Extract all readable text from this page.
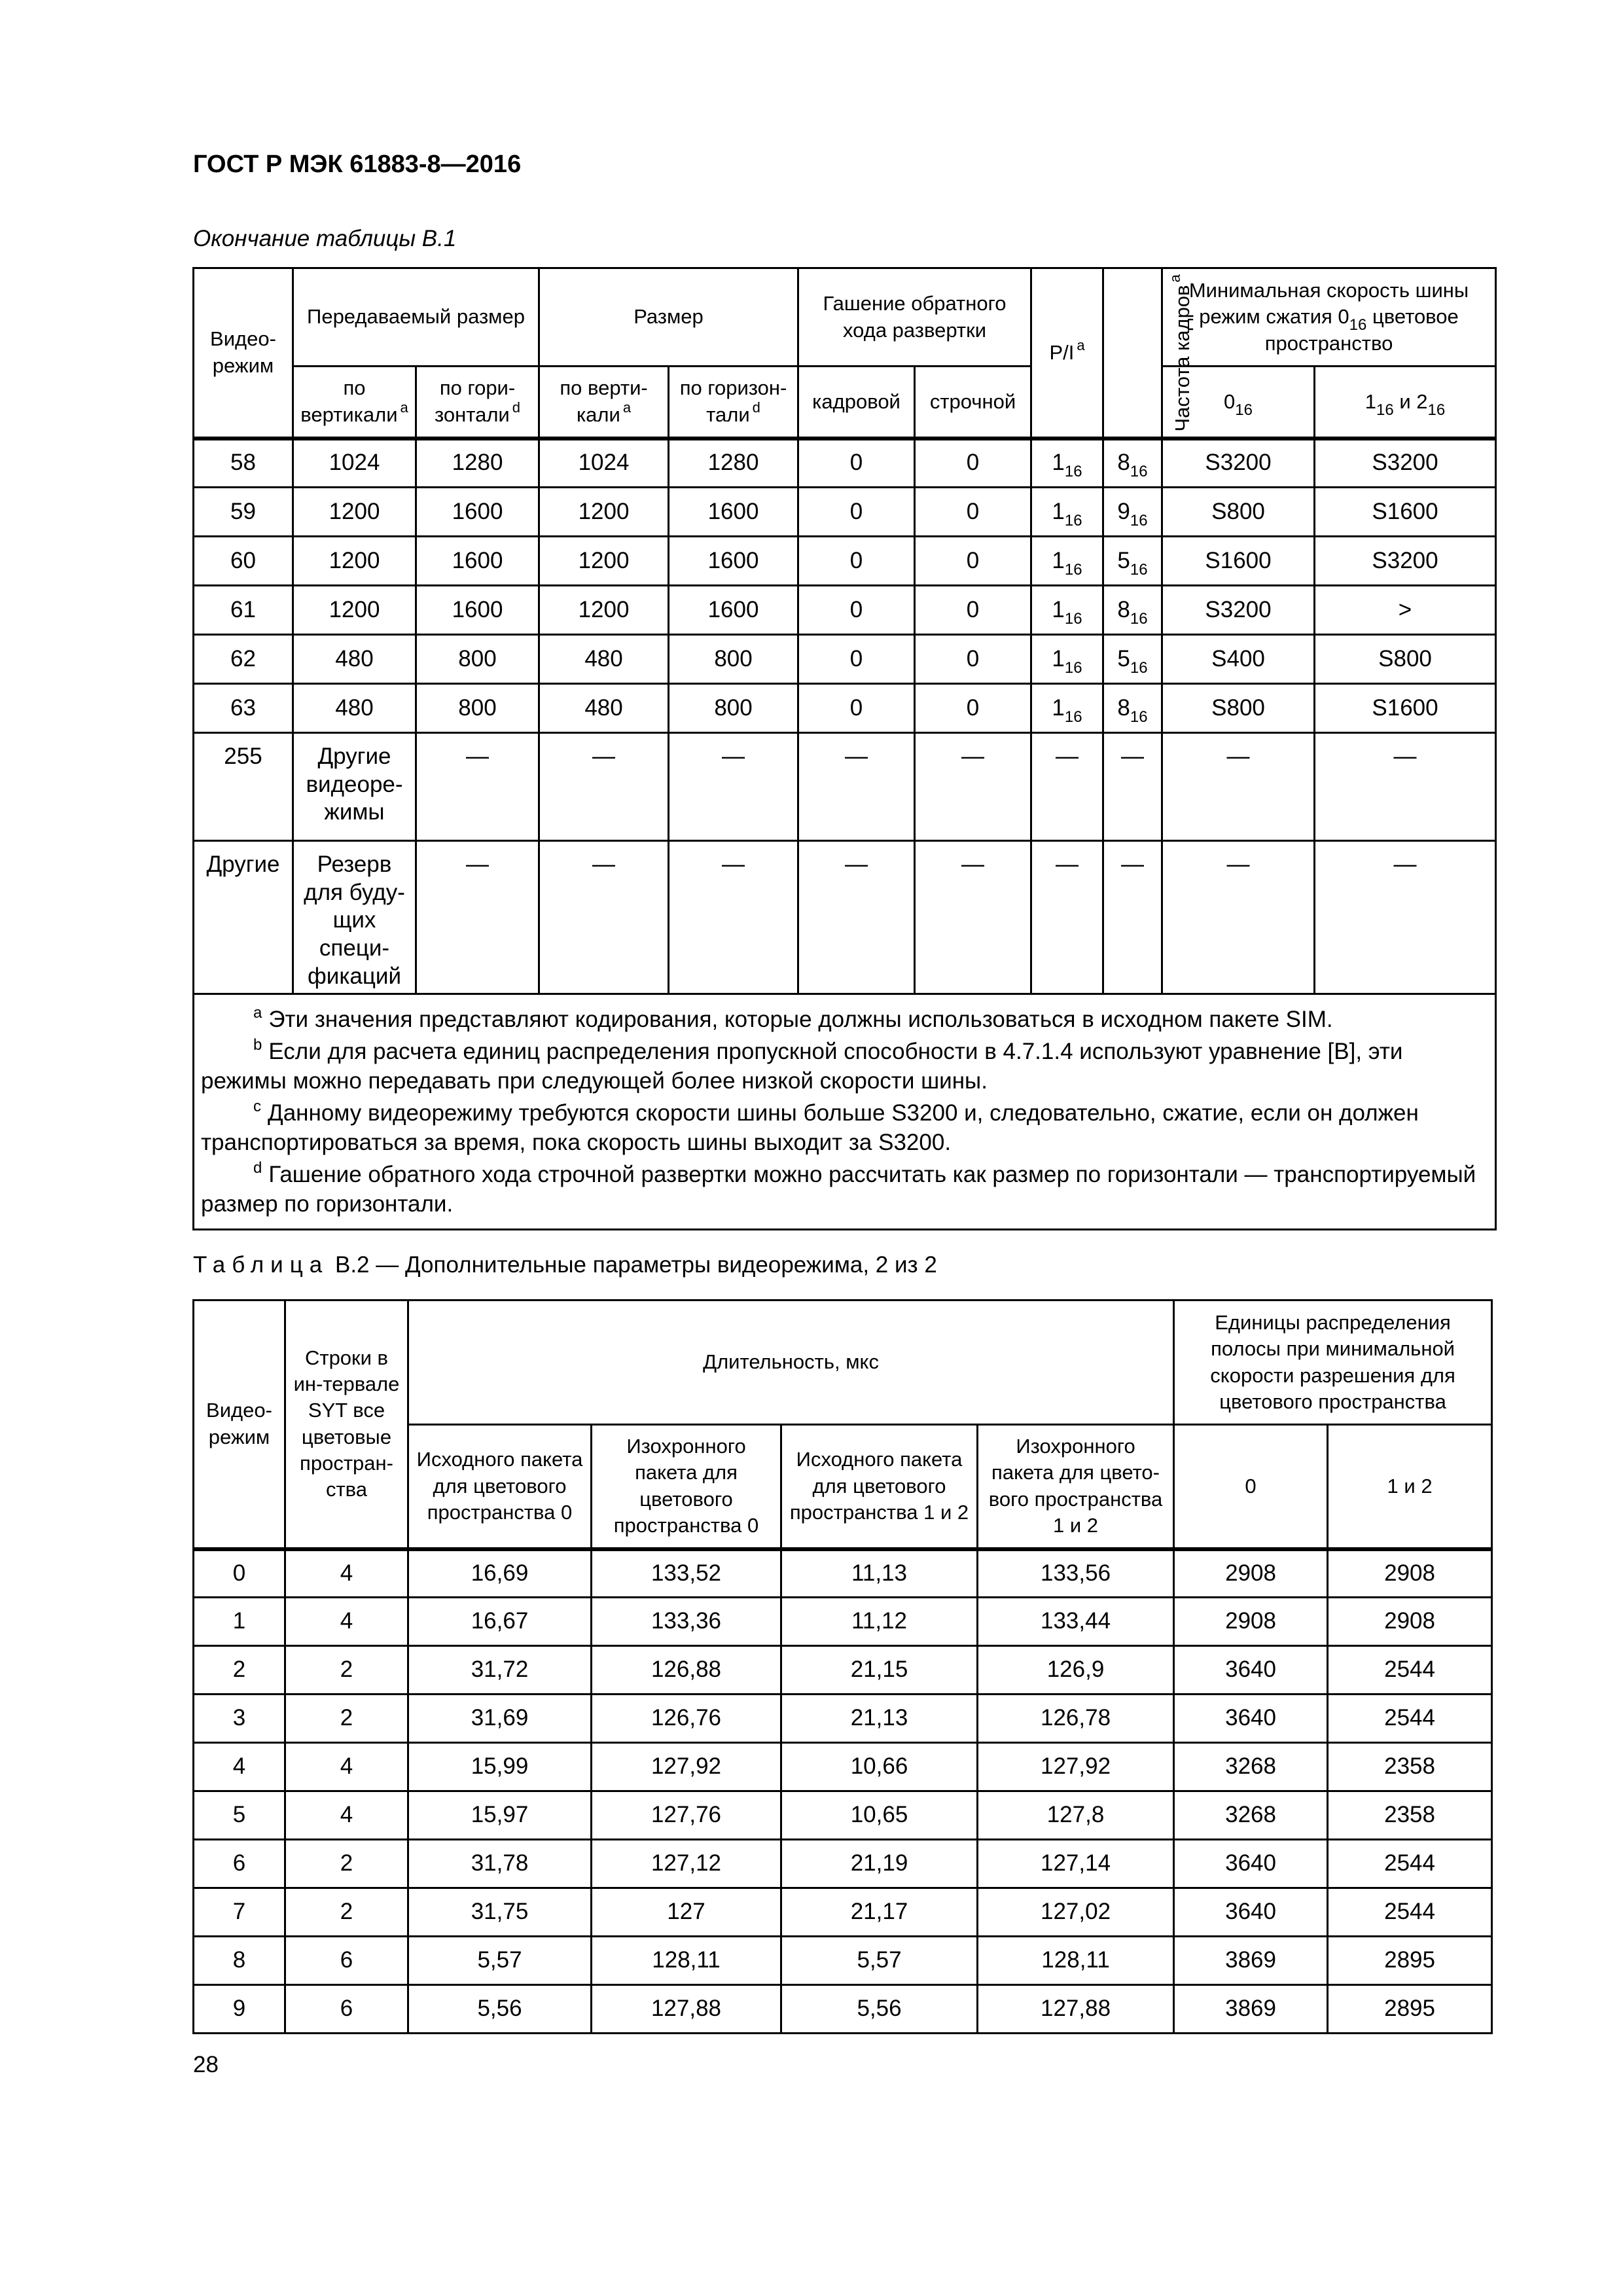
ГОСТ Р МЭК 61883-8—2016

Окончание таблицы B.1

Видео-режим	Передаваемый размер		Размер		Гашение обратного хода развертки		P/I $^a$	Частота кадров$^a$	Минимальная скорость шины режим сжатия $0_{16}$ цветовое пространство	
	по вертикали $^a$	по гори-зонтали $^d$	по верти-кали $^a$	по горизон-тали $^d$	кадровой	строчной			$0_{16}$	$1_{16}$ и $2_{16}$
58	1024	1280	1024	1280	0	0	$1_{16}$	$8_{16}$	S3200	S3200
59	1200	1600	1200	1600	0	0	$1_{16}$	$9_{16}$	S800	S1600
60	1200	1600	1200	1600	0	0	$1_{16}$	$5_{16}$	S1600	S3200
61	1200	1600	1200	1600	0	0	$1_{16}$	$8_{16}$	S3200	>
62	480	800	480	800	0	0	$1_{16}$	$5_{16}$	S400	S800
63	480	800	480	800	0	0	$1_{16}$	$8_{16}$	S800	S1600
255	Другие видеоре-жимы	—	—	—	—	—	—	—	—	—
Другие	Резерв для буду-щих специ-фикаций	—	—	—	—	—	—	—	—	—

$^a$ Эти значения представляют кодирования, которые должны использоваться в исходном пакете SIM.

$^b$ Если для расчета единиц распределения пропускной способности в 4.7.1.4 используют уравнение [B], эти режимы можно передавать при следующей более низкой скорости шины.

$^c$ Данному видеорежиму требуются скорости шины больше S3200 и, следовательно, сжатие, если он должен транспортироваться за время, пока скорость шины выходит за S3200.

$^d$ Гашение обратного хода строчной развертки можно рассчитать как размер по горизонтали — транспортируемый размер по горизонтали.										

Таблица B.2 — Дополнительные параметры видеорежима, 2 из 2

Видео-режим	Строки в ин-тервале SYT все цветовые простран-ства	Длительность, мкс				Единицы распределения полосы при минимальной скорости разрешения для цветового пространства	
		Исходного пакета для цветового пространства 0	Изохронного пакета для цветового пространства 0	Исходного пакета для цветового пространства 1 и 2	Изохронного пакета для цвето-вого пространства 1 и 2	0	1 и 2
0	4	16,69	133,52	11,13	133,56	2908	2908
1	4	16,67	133,36	11,12	133,44	2908	2908
2	2	31,72	126,88	21,15	126,9	3640	2544
3	2	31,69	126,76	21,13	126,78	3640	2544
4	4	15,99	127,92	10,66	127,92	3268	2358
5	4	15,97	127,76	10,65	127,8	3268	2358
6	2	31,78	127,12	21,19	127,14	3640	2544
7	2	31,75	127	21,17	127,02	3640	2544
8	6	5,57	128,11	5,57	128,11	3869	2895
9	6	5,56	127,88	5,56	127,88	3869	2895

28
